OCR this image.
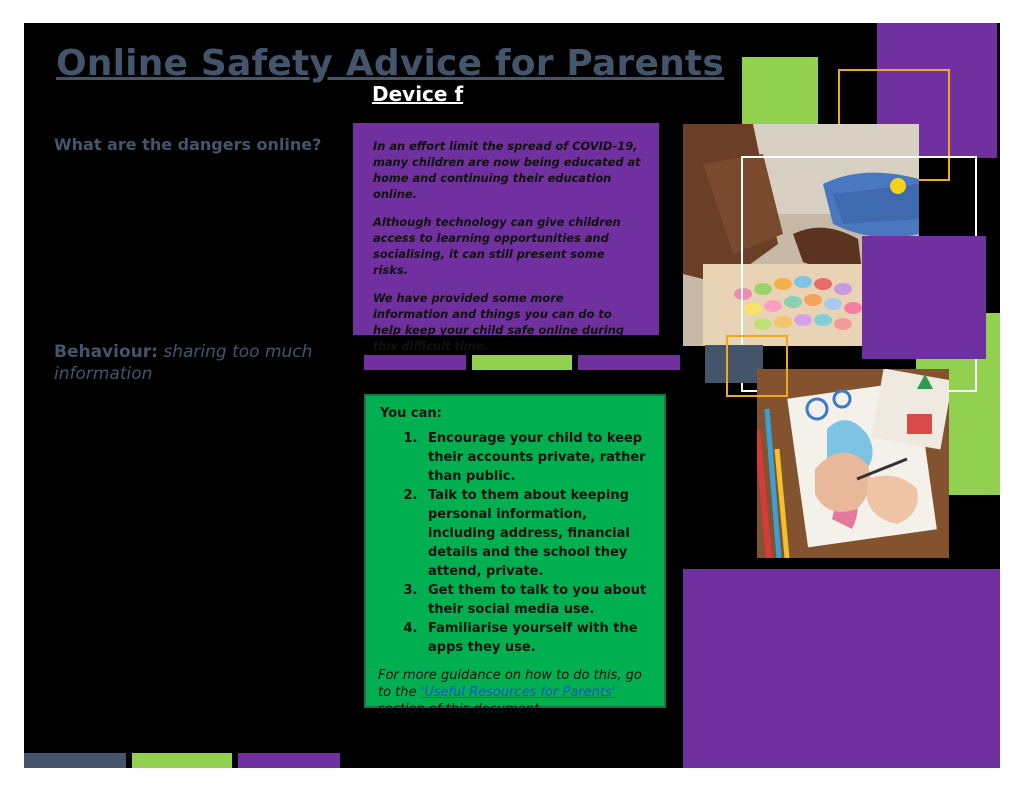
Online Safety Advice for Parents
Device f
What are the dangers online?
Behaviour: sharing too much information

In an effort limit the spread of COVID-19, many children are now being educated at home and continuing their education online.

Although technology can give children access to learning opportunities and socialising, it can still present some risks.

We have provided some more information and things you can do to help keep your child safe online during this difficult time.

You can:
1. Encourage your child to keep their accounts private, rather than public.
2. Talk to them about keeping personal information, including address, financial details and the school they attend, private.
3. Get them to talk to you about their social media use.
4. Familiarise yourself with the apps they use.
For more guidance on how to do this, go to the 'Useful Resources for Parents' section of this document.
